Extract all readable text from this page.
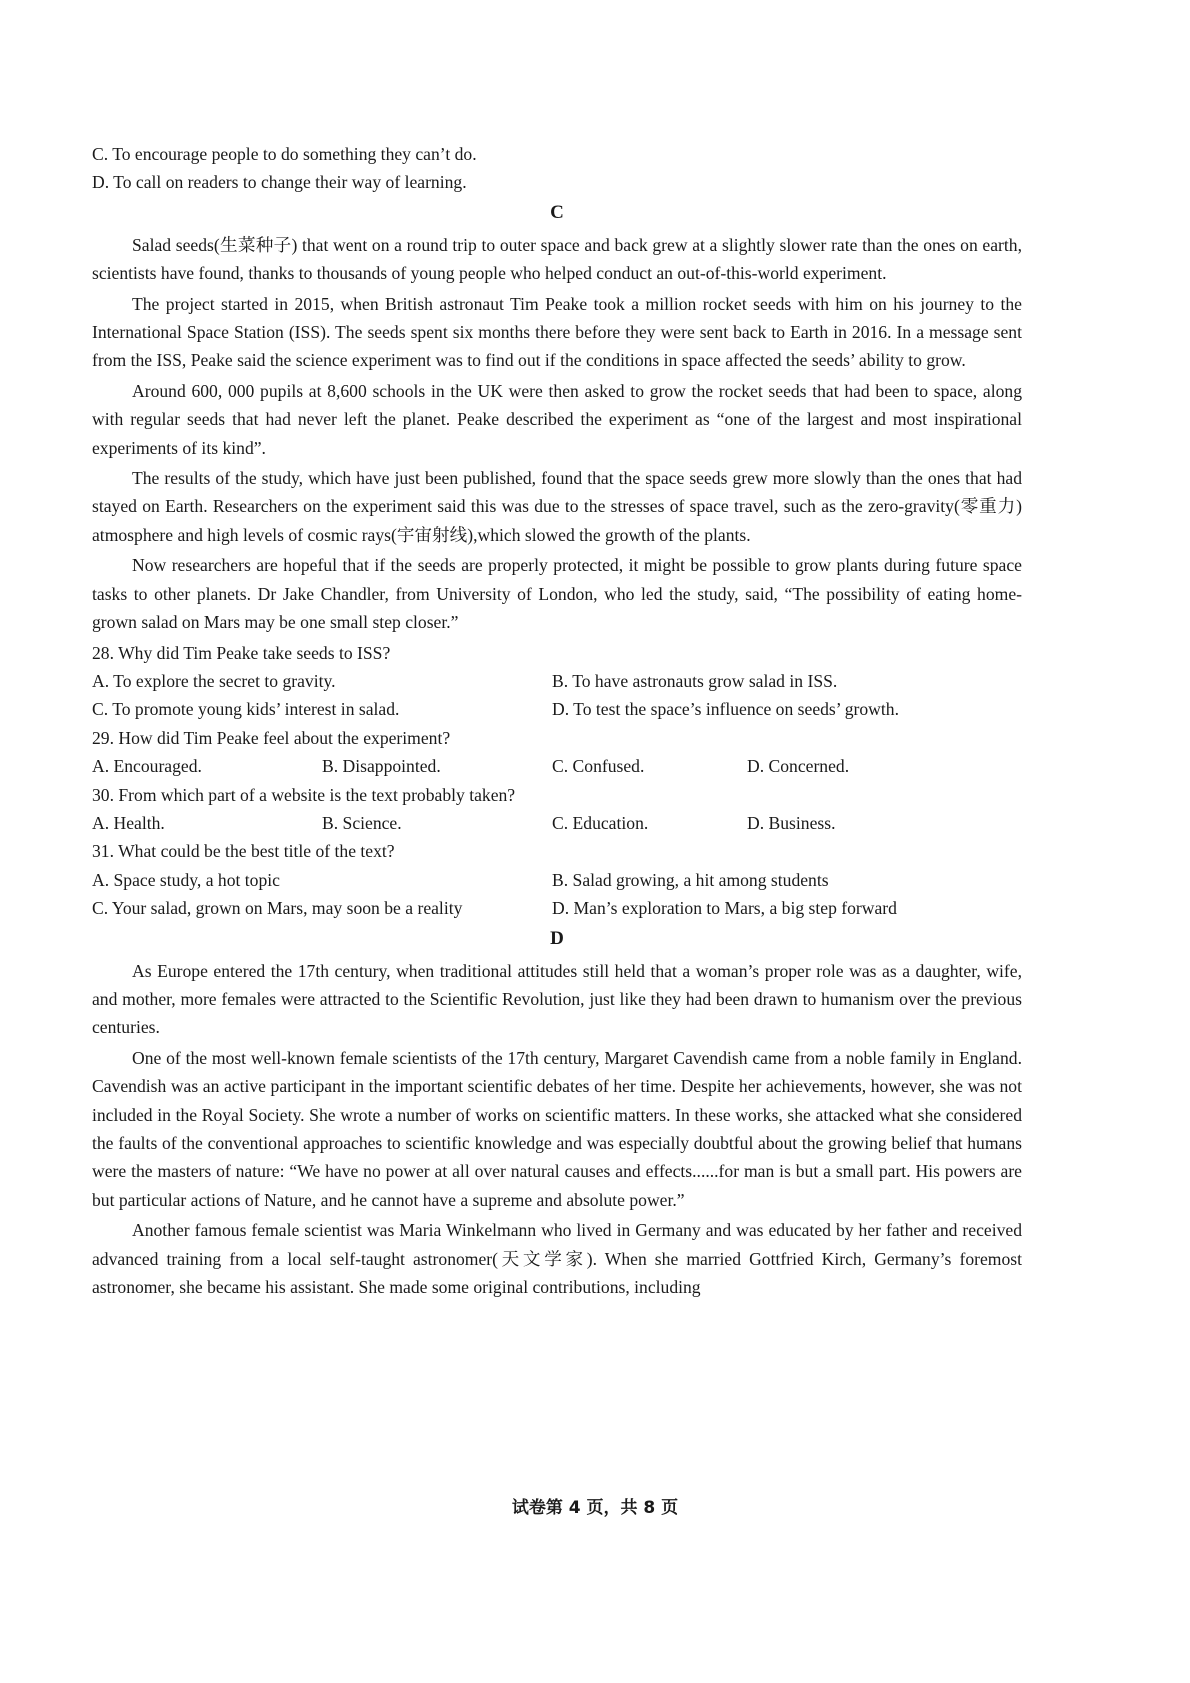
C. To encourage people to do something they can’t do.

D. To call on readers to change their way of learning.

C

Salad seeds(生菜种子) that went on a round trip to outer space and back grew at a slightly slower rate than the ones on earth, scientists have found, thanks to thousands of young people who helped conduct an out-of-this-world experiment.

The project started in 2015, when British astronaut Tim Peake took a million rocket seeds with him on his journey to the International Space Station (ISS). The seeds spent six months there before they were sent back to Earth in 2016. In a message sent from the ISS, Peake said the science experiment was to find out if the conditions in space affected the seeds’ ability to grow.

Around 600, 000 pupils at 8,600 schools in the UK were then asked to grow the rocket seeds that had been to space, along with regular seeds that had never left the planet. Peake described the experiment as “one of the largest and most inspirational experiments of its kind”.

The results of the study, which have just been published, found that the space seeds grew more slowly than the ones that had stayed on Earth. Researchers on the experiment said this was due to the stresses of space travel, such as the zero-gravity(零重力) atmosphere and high levels of cosmic rays(宇宙射线),which slowed the growth of the plants.

Now researchers are hopeful that if the seeds are properly protected, it might be possible to grow plants during future space tasks to other planets. Dr Jake Chandler, from University of London, who led the study, said, “The possibility of eating home-grown salad on Mars may be one small step closer.”

28. Why did Tim Peake take seeds to ISS?

A. To explore the secret to gravity.	B. To have astronauts grow salad in ISS.
C. To promote young kids’ interest in salad.	D. To test the space’s influence on seeds’ growth.

29. How did Tim Peake feel about the experiment?

A. Encouraged.	B. Disappointed.	C. Confused.	D. Concerned.

30. From which part of a website is the text probably taken?

A. Health.	B. Science.	C. Education.	D. Business.

31. What could be the best title of the text?

A. Space study, a hot topic	B. Salad growing, a hit among students
C. Your salad, grown on Mars, may soon be a reality	D. Man’s exploration to Mars, a big step forward
D

As Europe entered the 17th century, when traditional attitudes still held that a woman’s proper role was as a daughter, wife, and mother, more females were attracted to the Scientific Revolution, just like they had been drawn to humanism over the previous centuries.

One of the most well-known female scientists of the 17th century, Margaret Cavendish came from a noble family in England. Cavendish was an active participant in the important scientific debates of her time. Despite her achievements, however, she was not included in the Royal Society. She wrote a number of works on scientific matters. In these works, she attacked what she considered the faults of the conventional approaches to scientific knowledge and was especially doubtful about the growing belief that humans were the masters of nature: “We have no power at all over natural causes and effects......for man is but a small part. His powers are but particular actions of Nature, and he cannot have a supreme and absolute power.”

Another famous female scientist was Maria Winkelmann who lived in Germany and was educated by her father and received advanced training from a local self-taught astronomer(天文学家). When she married Gottfried Kirch, Germany’s foremost astronomer, she became his assistant. She made some original contributions, including

试卷第 4 页，共 8 页
